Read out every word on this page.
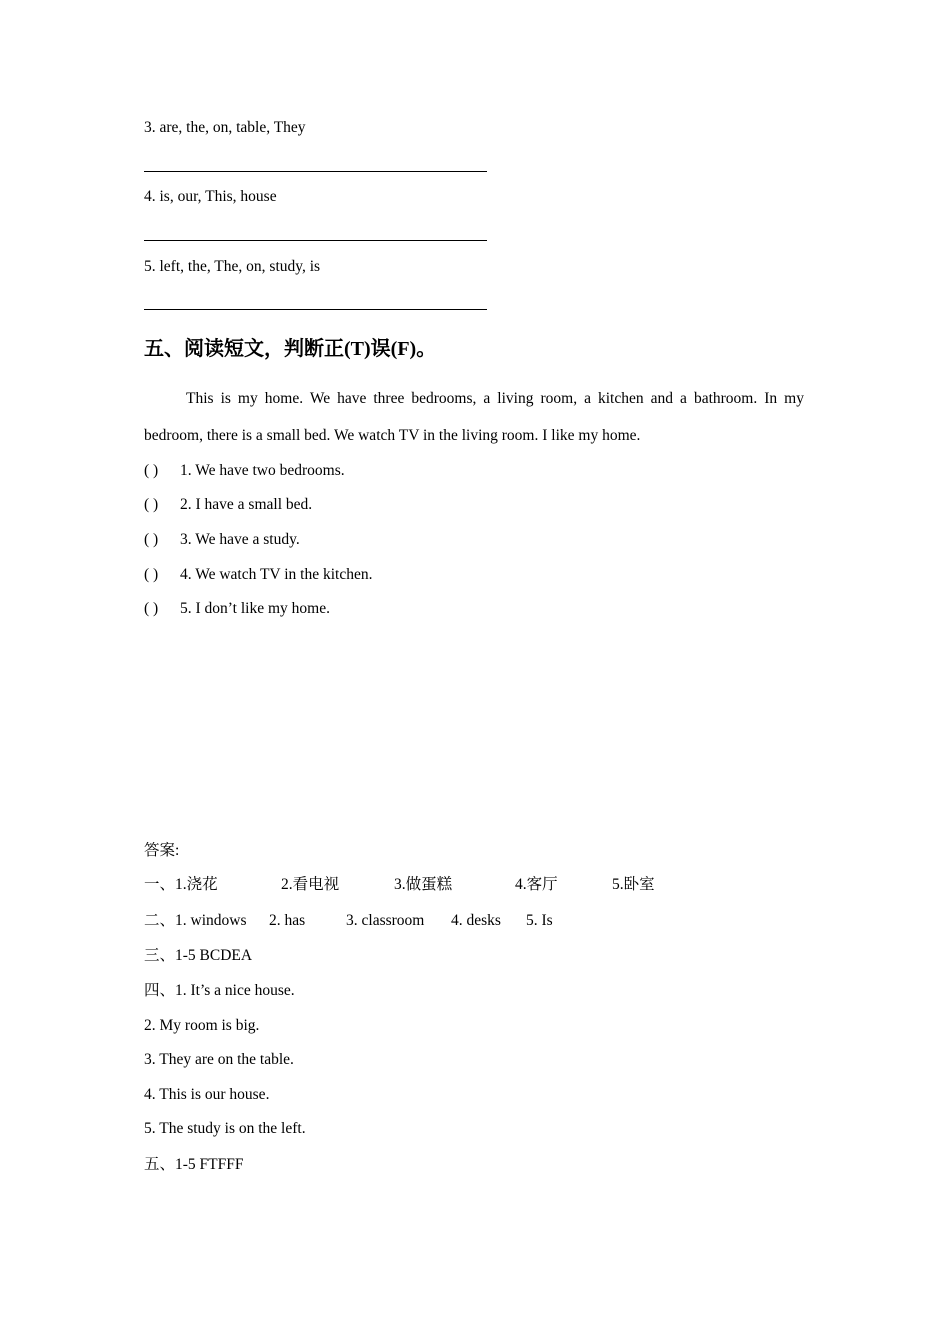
3. are, the, on, table, They
4. is, our, This, house
5. left, the, The, on, study, is
五、阅读短文，判断正(T)误(F)。
This is my home. We have three bedrooms, a living room, a kitchen and a bathroom. In my bedroom, there is a small bed. We watch TV in the living room. I like my home.
( ) 1. We have two bedrooms.
( ) 2. I have a small bed.
( ) 3. We have a study.
( ) 4. We watch TV in the kitchen.
( ) 5. I don’t like my home.
答案:
一、1.浇花	2.看电视	3.做蛋糕	4.客厅	5.卧室
二、1. windows 2. has	3. classroom 4. desks 5. Is
三、1-5 BCDEA
四、1. It’s a nice house.
2. My room is big.
3. They are on the table.
4. This is our house.
5. The study is on the left.
五、1-5 FTFFF
